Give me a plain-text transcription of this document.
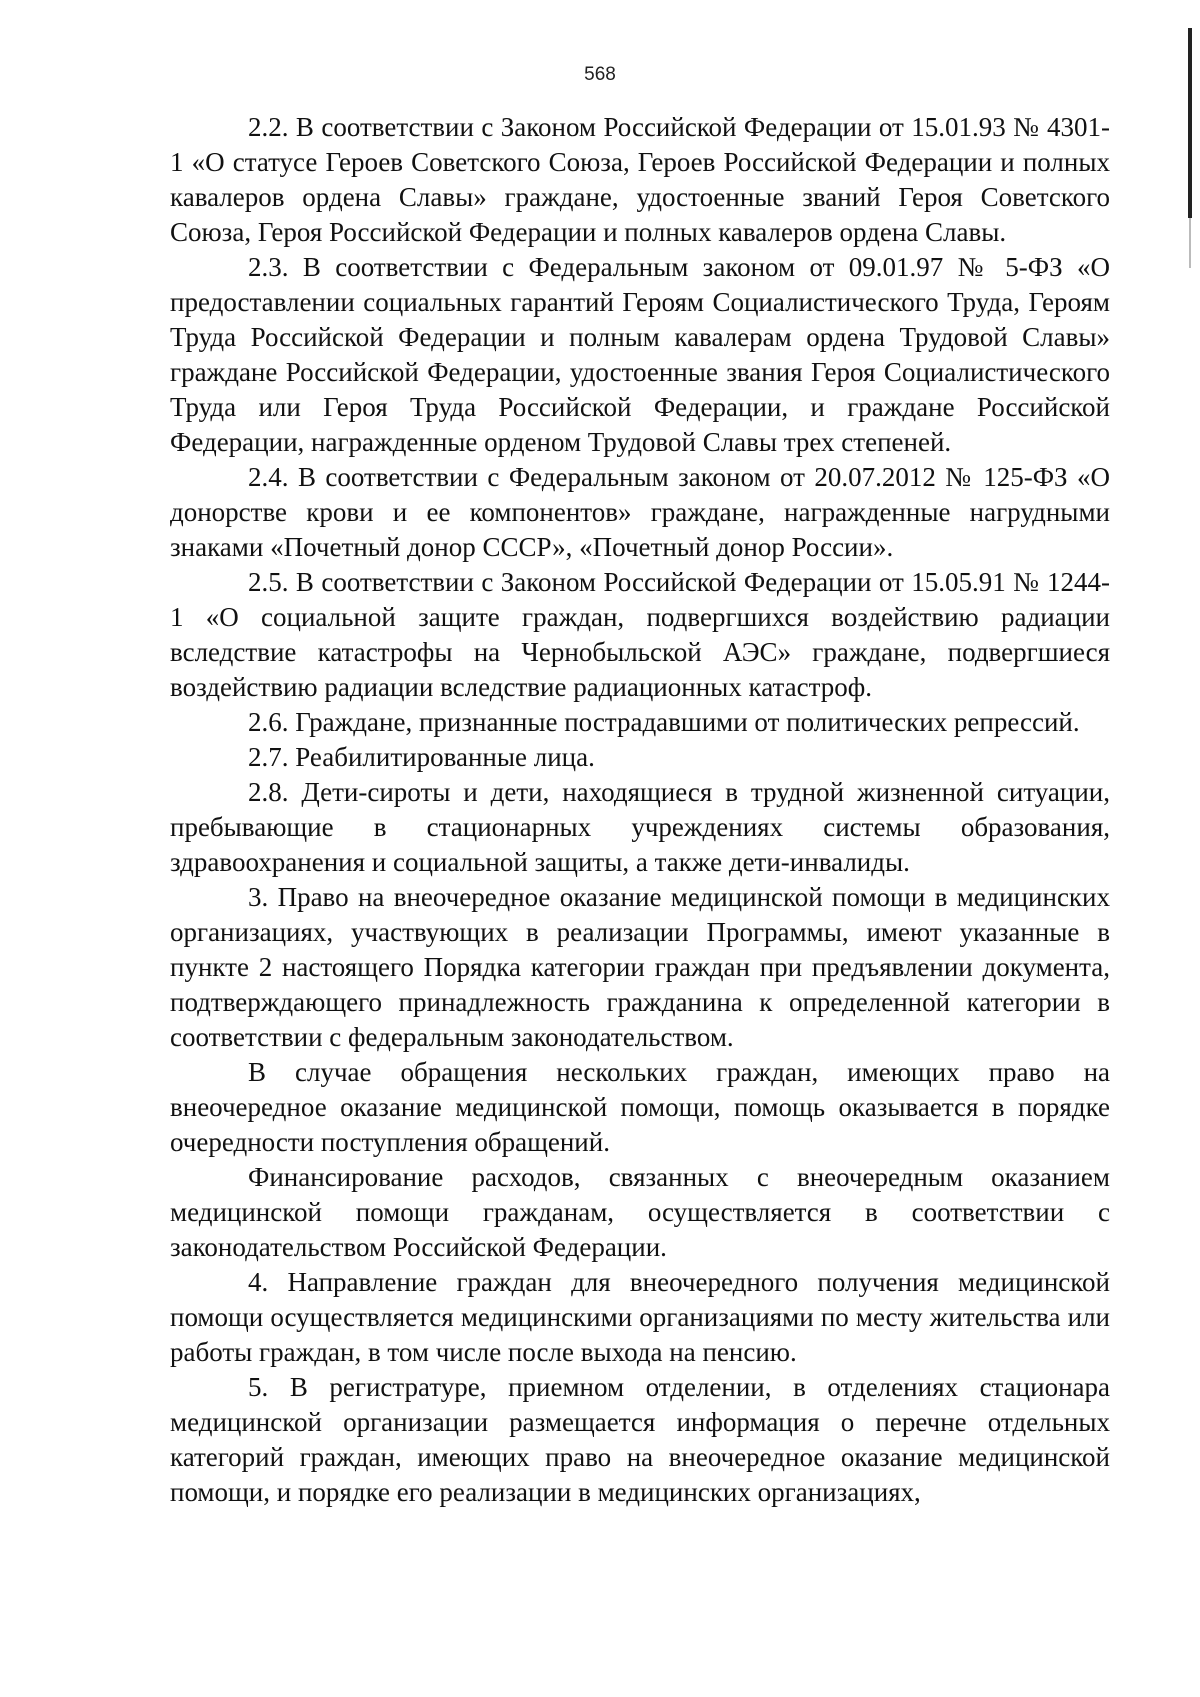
568

2.2. В соответствии с Законом Российской Федерации от 15.01.93 № 4301-1 «О статусе Героев Советского Союза, Героев Российской Федерации и полных кавалеров ордена Славы» граждане, удостоенные званий Героя Советского Союза, Героя Российской Федерации и полных кавалеров ордена Славы.

2.3. В соответствии с Федеральным законом от 09.01.97 № 5-ФЗ «О предоставлении социальных гарантий Героям Социалистического Труда, Героям Труда Российской Федерации и полным кавалерам ордена Трудовой Славы» граждане Российской Федерации, удостоенные звания Героя Социалистического Труда или Героя Труда Российской Федерации, и граждане Российской Федерации, награжденные орденом Трудовой Славы трех степеней.

2.4. В соответствии с Федеральным законом от 20.07.2012 № 125-ФЗ «О донорстве крови и ее компонентов» граждане, награжденные нагрудными знаками «Почетный донор СССР», «Почетный донор России».

2.5. В соответствии с Законом Российской Федерации от 15.05.91 № 1244-1 «О социальной защите граждан, подвергшихся воздействию радиации вследствие катастрофы на Чернобыльской АЭС» граждане, подвергшиеся воздействию радиации вследствие радиационных катастроф.

2.6. Граждане, признанные пострадавшими от политических репрессий.

2.7. Реабилитированные лица.

2.8. Дети-сироты и дети, находящиеся в трудной жизненной ситуации, пребывающие в стационарных учреждениях системы образования, здравоохранения и социальной защиты, а также дети-инвалиды.

3. Право на внеочередное оказание медицинской помощи в медицинских организациях, участвующих в реализации Программы, имеют указанные в пункте 2 настоящего Порядка категории граждан при предъявлении документа, подтверждающего принадлежность гражданина к определенной категории в соответствии с федеральным законодательством.

В случае обращения нескольких граждан, имеющих право на внеочередное оказание медицинской помощи, помощь оказывается в порядке очередности поступления обращений.

Финансирование расходов, связанных с внеочередным оказанием медицинской помощи гражданам, осуществляется в соответствии с законодательством Российской Федерации.

4. Направление граждан для внеочередного получения медицинской помощи осуществляется медицинскими организациями по месту жительства или работы граждан, в том числе после выхода на пенсию.

5. В регистратуре, приемном отделении, в отделениях стационара медицинской организации размещается информация о перечне отдельных категорий граждан, имеющих право на внеочередное оказание медицинской помощи, и порядке его реализации в медицинских организациях,
